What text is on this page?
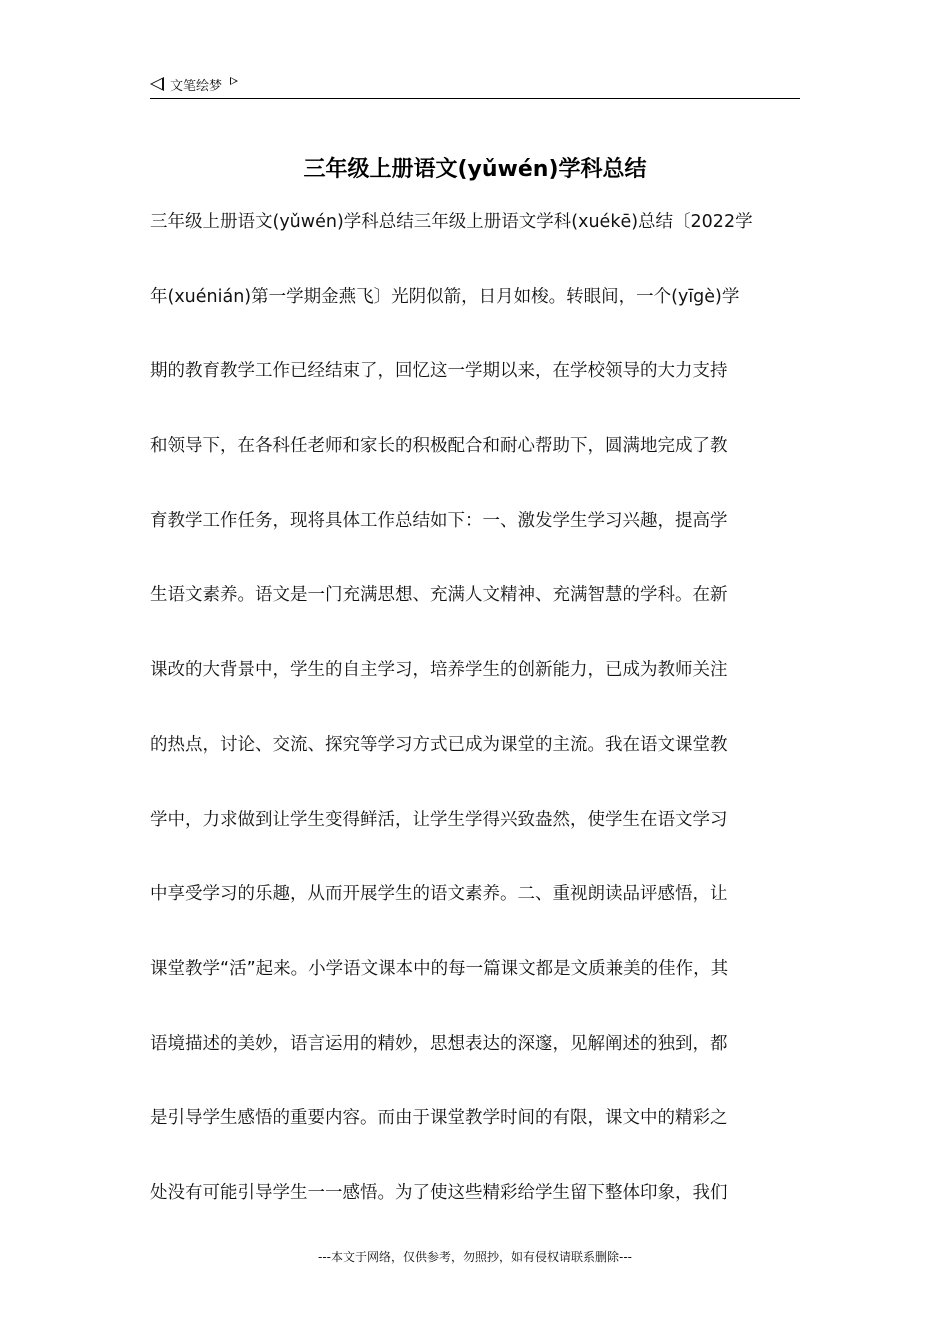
文笔绘梦
三年级上册语文(yǔwén)学科总结
三年级上册语文(yǔwén)学科总结三年级上册语文学科(xuékē)总结〔2022学
年(xuénián)第一学期金燕飞〕光阴似箭，日月如梭。转眼间，一个(yīgè)学
期的教育教学工作已经结束了，回忆这一学期以来，在学校领导的大力支持
和领导下，在各科任老师和家长的积极配合和耐心帮助下，圆满地完成了教
育教学工作任务，现将具体工作总结如下：一、激发学生学习兴趣，提高学
生语文素养。语文是一门充满思想、充满人文精神、充满智慧的学科。在新
课改的大背景中，学生的自主学习，培养学生的创新能力，已成为教师关注
的热点，讨论、交流、探究等学习方式已成为课堂的主流。我在语文课堂教
学中，力求做到让学生变得鲜活，让学生学得兴致盎然，使学生在语文学习
中享受学习的乐趣，从而开展学生的语文素养。二、重视朗读品评感悟，让
课堂教学“活”起来。小学语文课本中的每一篇课文都是文质兼美的佳作，其
语境描述的美妙，语言运用的精妙，思想表达的深邃，见解阐述的独到，都
是引导学生感悟的重要内容。而由于课堂教学时间的有限，课文中的精彩之
处没有可能引导学生一一感悟。为了使这些精彩给学生留下整体印象，我们
---本文于网络，仅供参考，勿照抄，如有侵权请联系删除---
